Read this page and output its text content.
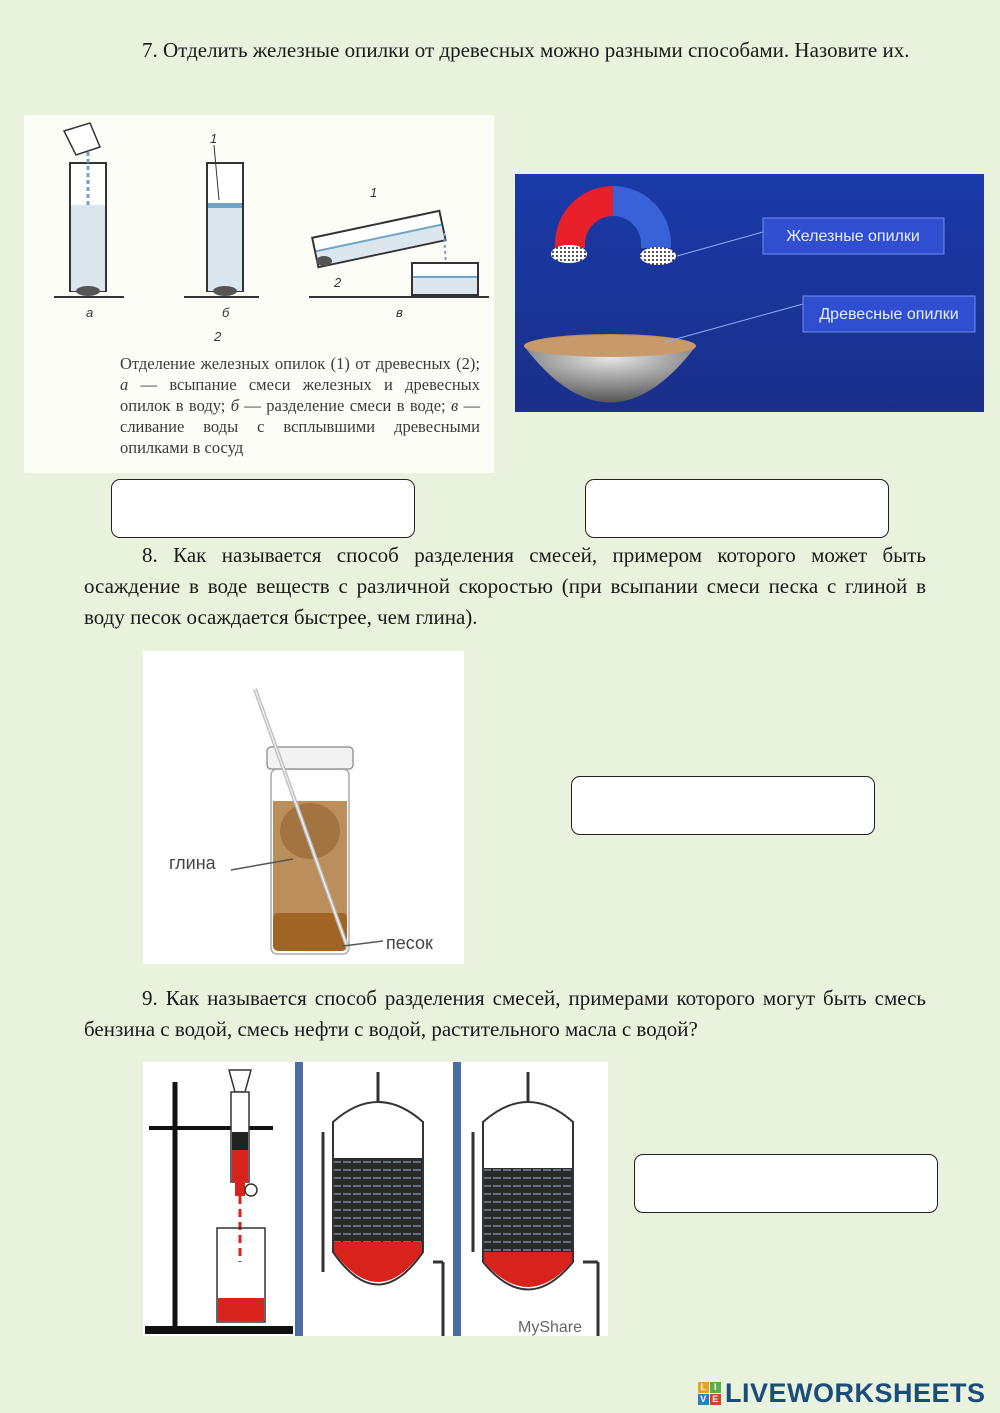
7. Отделить железные опилки от древесных можно разными способами. Назовите их.
а	б	в
1
2
1
2
Отделение железных опилок (1) от древесных (2); а — всыпание смеси железных и древесных опилок в воду; б — разделение смеси в воде; в — сливание воды с всплывшими древесными опилками в сосуд
Железные опилки
Древесные опилки
8. Как называется способ разделения смесей, примером которого может быть осаждение в воде веществ с различной скоростью (при всыпании смеси песка с глиной в воду песок осаждается быстрее, чем глина).
глина
песок
9. Как называется способ разделения смесей, примерами которого могут быть смесь бензина с водой, смесь нефти с водой, растительного масла с водой?
MyShare
L I
V E LIVEWORKSHEETS
